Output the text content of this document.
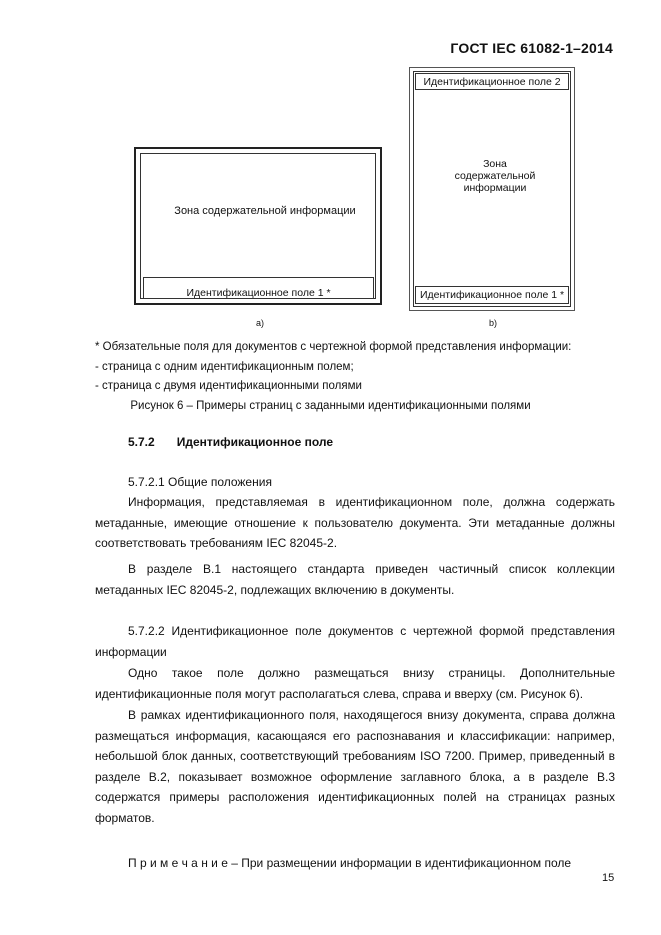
ГОСТ IEC 61082-1–2014
Зона содержательной информации
Идентификационное поле 1 *
a)
Идентификационное поле 2
Зона
содержательной
информации
Идентификационное поле 1 *
b)
* Обязательные поля для документов с чертежной формой представления информации:
- страница с одним идентификационным полем;
- страница с двумя идентификационными полями
Рисунок 6 – Примеры страниц с заданными идентификационными полями
5.7.2 Идентификационное поле
5.7.2.1 Общие положения
Информация, представляемая в идентификационном поле, должна содержать метаданные, имеющие отношение к пользователю документа. Эти метаданные должны соответствовать требованиям IEC 82045-2.
В разделе В.1 настоящего стандарта приведен частичный список коллекции метаданных IEC 82045-2, подлежащих включению в документы.
5.7.2.2 Идентификационное поле документов с чертежной формой представления информации
Одно такое поле должно размещаться внизу страницы. Дополнительные идентификационные поля могут располагаться слева, справа и вверху (см. Рисунок 6).
В рамках идентификационного поля, находящегося внизу документа, справа должна размещаться информация, касающаяся его распознавания и классификации: например, небольшой блок данных, соответствующий требованиям ISO 7200. Пример, приведенный в разделе В.2, показывает возможное оформление заглавного блока, а в разделе В.3 содержатся примеры расположения идентификационных полей на страницах разных форматов.
П р и м е ч а н и е – При размещении информации в идентификационном поле
15
